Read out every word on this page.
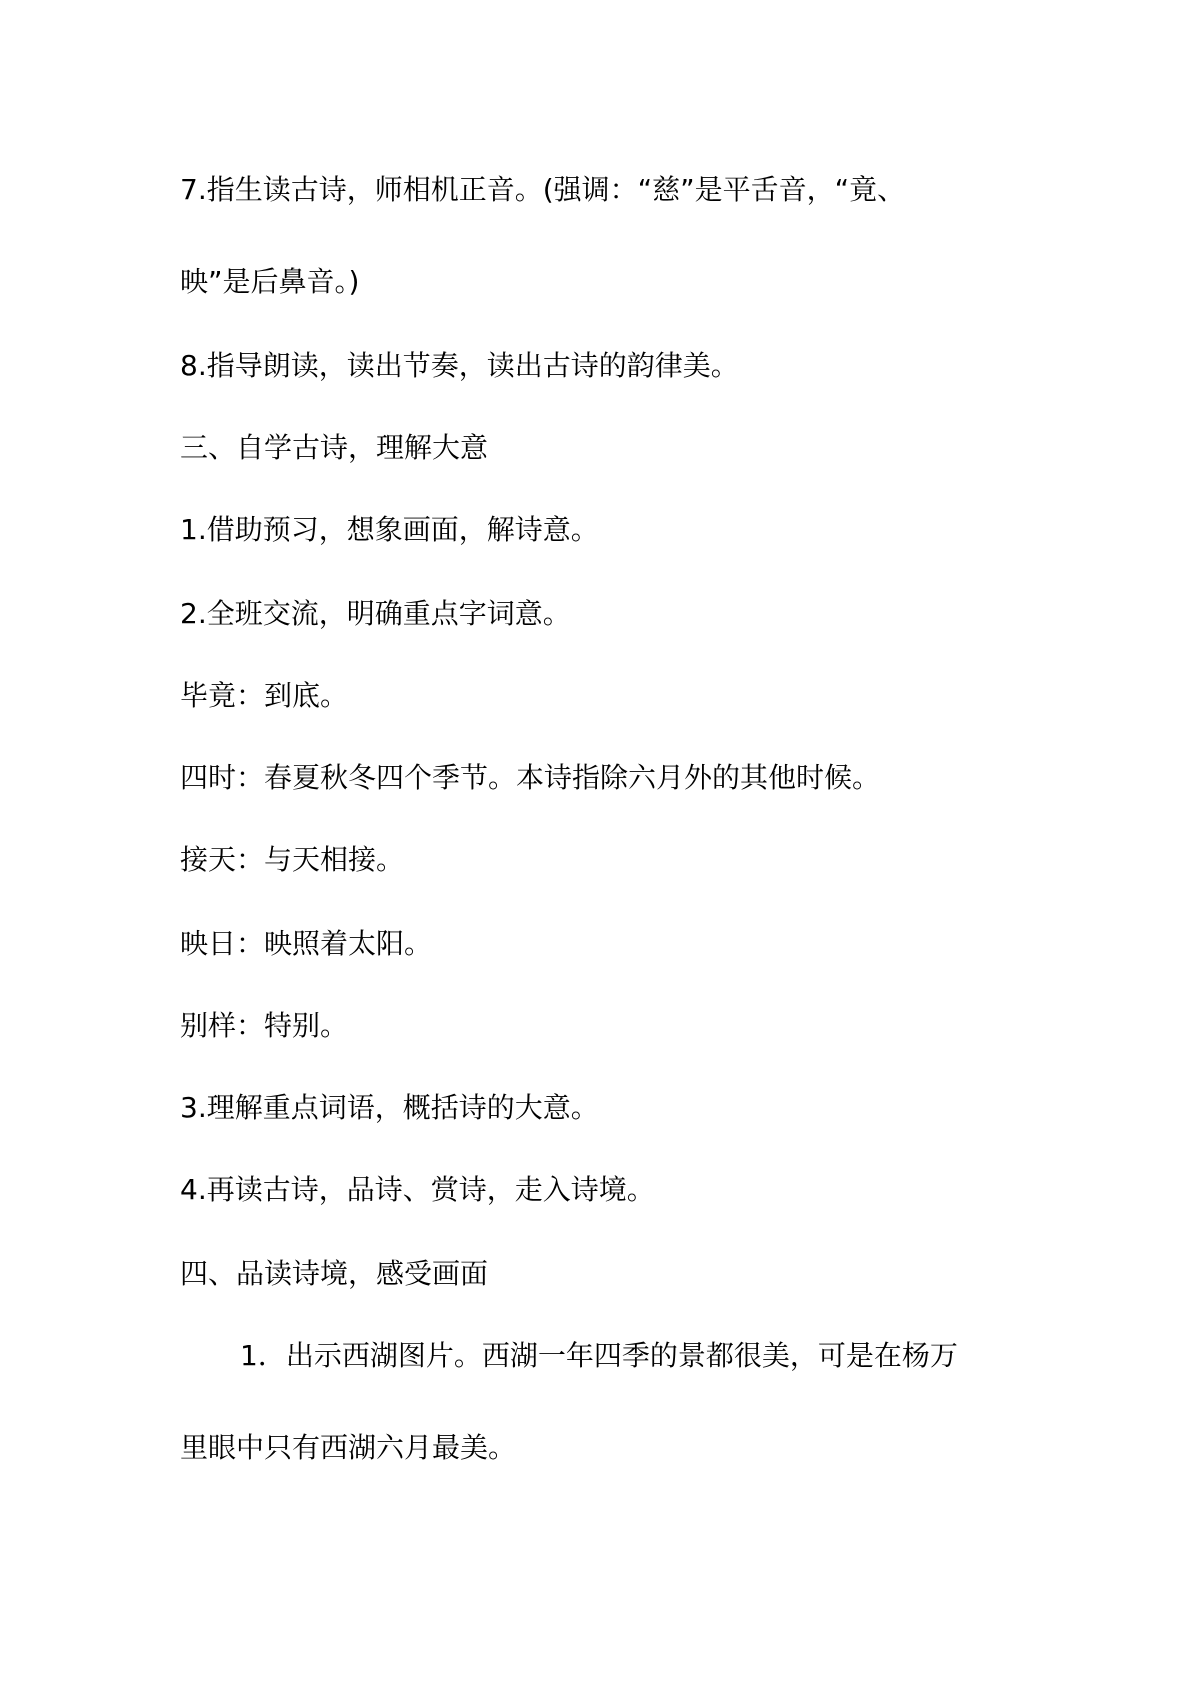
7.指生读古诗，师相机正音。(强调：“慈”是平舌音，“竟、
映”是后鼻音。)
8.指导朗读，读出节奏，读出古诗的韵律美。
三、自学古诗，理解大意
1.借助预习，想象画面，解诗意。
2.全班交流，明确重点字词意。
毕竟：到底。
四时：春夏秋冬四个季节。本诗指除六月外的其他时候。
接天：与天相接。
映日：映照着太阳。
别样：特别。
3.理解重点词语，概括诗的大意。
4.再读古诗，品诗、赏诗，走入诗境。
四、品读诗境，感受画面
1．出示西湖图片。西湖一年四季的景都很美，可是在杨万
里眼中只有西湖六月最美。
